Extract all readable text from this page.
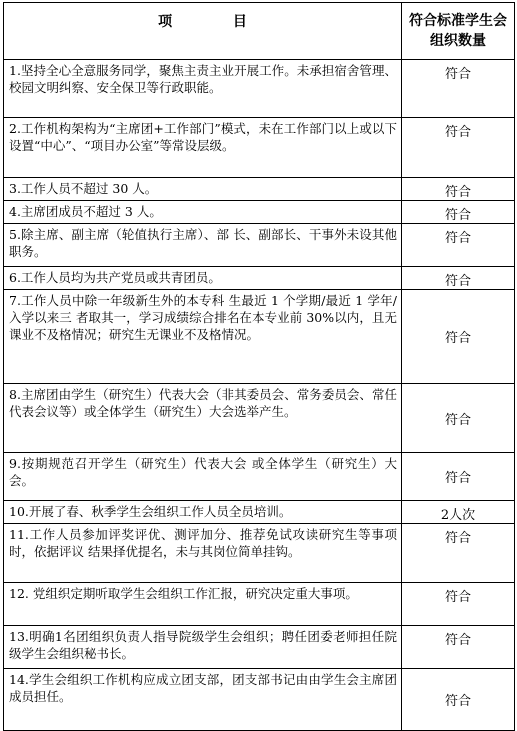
项 目	符合标准学生会组织数量
1.坚持全心全意服务同学，聚焦主责主业开展工作。未承担宿舍管理、校园文明纠察、安全保卫等行政职能。	符合
2.工作机构架构为“主席团+工作部门”模式，未在工作部门以上或以下设置“中心”、“项目办公室”等常设层级。	符合
3.工作人员不超过 30 人。	符合
4.主席团成员不超过 3 人。	符合
5.除主席、副主席（轮值执行主席）、部 长、副部长、干事外未设其他职务。	符合
6.工作人员均为共产党员或共青团员。	符合
7.工作人员中除一年级新生外的本专科 生最近 1 个学期/最近 1 学年/入学以来三 者取其一，学习成绩综合排名在本专业前 30%以内，且无课业不及格情况；研究生无课业不及格情况。	符合
8.主席团由学生（研究生）代表大会（非其委员会、常务委员会、常任代表会议等）或全体学生（研究生）大会选举产生。	符合
9.按期规范召开学生（研究生）代表大会 或全体学生（研究生）大会。	符合
10.开展了春、秋季学生会组织工作人员全员培训。	2人次
11.工作人员参加评奖评优、测评加分、推荐免试攻读研究生等事项时，依据评议 结果择优提名，未与其岗位简单挂钩。	符合
12. 党组织定期听取学生会组织工作汇报，研究决定重大事项。	符合
13.明确1名团组织负责人指导院级学生会组织；聘任团委老师担任院级学生会组织秘书长。	符合
14.学生会组织工作机构应成立团支部，团支部书记由由学生会主席团成员担任。	符合
